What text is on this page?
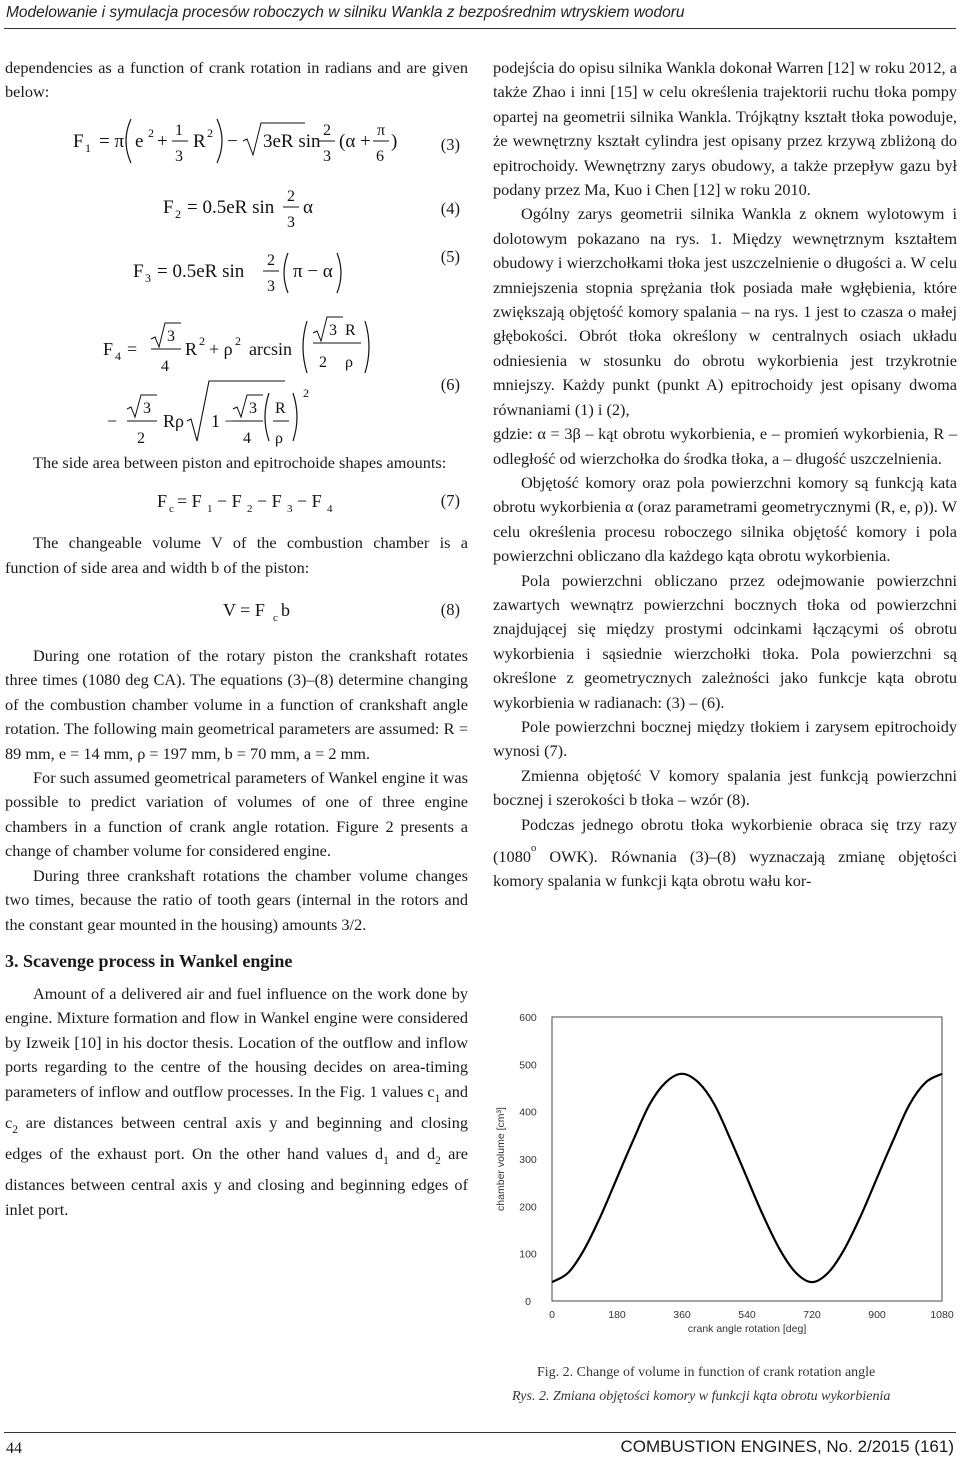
Modelowanie i symulacja procesów roboczych w silniku Wankla z bezpośrednim wtryskiem wodoru

dependencies as a function of crank rotation in radians and are given below:

F 1 = π e 2 +
1
3
R 2 − 3eR sin
2
3
(α +
π
6
)	(3)
F 2 = 0.5eR sin
2
3
α	(4)
F 3 = 0.5eR sin
2
3
π − α
(5)
F 4 =
3
4
R 2 + ρ 2 arcsin
3 R
2 ρ
−
3
2
Rρ 1 −
3
4
R
ρ
2	(6)

The side area between piston and epitrochoide shapes amounts:

F c = F 1 − F 2 − F 3 − F 4	(7)

The changeable volume V of the combustion chamber is a function of side area and width b of the piston:

V = F c b	(8)

During one rotation of the rotary piston the crankshaft rotates three times (1080 deg CA). The equations (3)–(8) determine changing of the combustion chamber volume in a function of crankshaft angle rotation. The following main geometrical parameters are assumed: R = 89 mm, e = 14 mm, ρ = 197 mm, b = 70 mm, a = 2 mm.

For such assumed geometrical parameters of Wankel engine it was possible to predict variation of volumes of one of three engine chambers in a function of crank angle rotation. Figure 2 presents a change of chamber volume for considered engine.

During three crankshaft rotations the chamber volume changes two times, because the ratio of tooth gears (internal in the rotors and the constant gear mounted in the housing) amounts 3/2.

3. Scavenge process in Wankel engine

Amount of a delivered air and fuel influence on the work done by engine. Mixture formation and flow in Wankel engine were considered by Izweik [10] in his doctor thesis. Location of the outflow and inflow ports regarding to the centre of the housing decides on area-timing parameters of inflow and outflow processes. In the Fig. 1 values $c_1$ and $c_2$ are distances between central axis y and beginning and closing edges of the exhaust port. On the other hand values $d_1$ and $d_2$ are distances between central axis y and closing and beginning edges of inlet port.

podejścia do opisu silnika Wankla dokonał Warren [12] w roku 2012, a także Zhao i inni [15] w celu określenia trajektorii ruchu tłoka pompy opartej na geometrii silnika Wankla. Trójkątny kształt tłoka powoduje, że wewnętrzny kształt cylindra jest opisany przez krzywą zbliżoną do epitrochoidy. Wewnętrzny zarys obudowy, a także przepływ gazu był podany przez Ma, Kuo i Chen [12] w roku 2010.

Ogólny zarys geometrii silnika Wankla z oknem wylotowym i dolotowym pokazano na rys. 1. Między wewnętrznym kształtem obudowy i wierzchołkami tłoka jest uszczelnienie o długości a. W celu zmniejszenia stopnia sprężania tłok posiada małe wgłębienia, które zwiększają objętość komory spalania – na rys. 1 jest to czasza o małej głębokości. Obrót tłoka określony w centralnych osiach układu odniesienia w stosunku do obrotu wykorbienia jest trzykrotnie mniejszy. Każdy punkt (punkt A) epitrochoidy jest opisany dwoma równaniami (1) i (2),

gdzie: α = 3β – kąt obrotu wykorbienia, e – promień wykorbienia, R – odległość od wierzchołka do środka tłoka, a – długość uszczelnienia.

Objętość komory oraz pola powierzchni komory są funkcją kata obrotu wykorbienia α (oraz parametrami geometrycznymi (R, e, ρ)). W celu określenia procesu roboczego silnika objętość komory i pola powierzchni obliczano dla każdego kąta obrotu wykorbienia.

Pola powierzchni obliczano przez odejmowanie powierzchni zawartych wewnątrz powierzchni bocznych tłoka od powierzchni znajdującej się między prostymi odcinkami łączącymi oś obrotu wykorbienia i sąsiednie wierzchołki tłoka. Pola powierzchni są określone z geometrycznych zależności jako funkcje kąta obrotu wykorbienia w radianach: (3) – (6).

Pole powierzchni bocznej między tłokiem i zarysem epitrochoidy wynosi (7).

Zmienna objętość V komory spalania jest funkcją powierzchni bocznej i szerokości b tłoka – wzór (8).

Podczas jednego obrotu tłoka wykorbienie obraca się trzy razy (1080$^o$ OWK). Równania (3)–(8) wyznaczają zmianę objętości komory spalania w funkcji kąta obrotu wału kor-

0
100
200
300
400
500
600
0	180	360	540	720	900	1080
crank angle rotation [deg]
chamber volume [cm³]
Fig. 2. Change of volume in function of crank rotation angle
Rys. 2. Zmiana objętości komory w funkcji kąta obrotu wykorbienia
44	COMBUSTION ENGINES, No. 2/2015 (161)
